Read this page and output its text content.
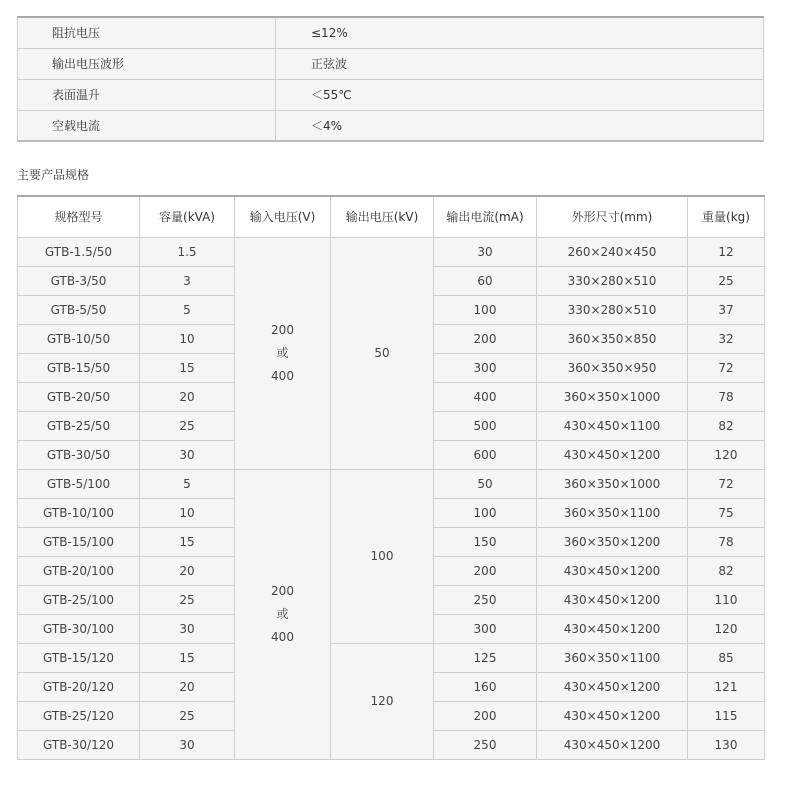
阻抗电压	≤12%
输出电压波形	正弦波
表面温升	＜55℃
空载电流	＜4%
主要产品规格
规格型号	容量(kVA)	输入电压(V)	输出电压(kV)	输出电流(mA)	外形尺寸(mm)	重量(kg)
GTB-1.5/50	1.5	200
或
400	50	30	260×240×450	12
GTB-3/50	3			60	330×280×510	25
GTB-5/50	5			100	330×280×510	37
GTB-10/50	10			200	360×350×850	32
GTB-15/50	15			300	360×350×950	72
GTB-20/50	20			400	360×350×1000	78
GTB-25/50	25			500	430×450×1100	82
GTB-30/50	30			600	430×450×1200	120
GTB-5/100	5	200
或
400	100	50	360×350×1000	72
GTB-10/100	10			100	360×350×1100	75
GTB-15/100	15			150	360×350×1200	78
GTB-20/100	20			200	430×450×1200	82
GTB-25/100	25			250	430×450×1200	110
GTB-30/100	30			300	430×450×1200	120
GTB-15/120	15		120	125	360×350×1100	85
GTB-20/120	20			160	430×450×1200	121
GTB-25/120	25			200	430×450×1200	115
GTB-30/120	30			250	430×450×1200	130
